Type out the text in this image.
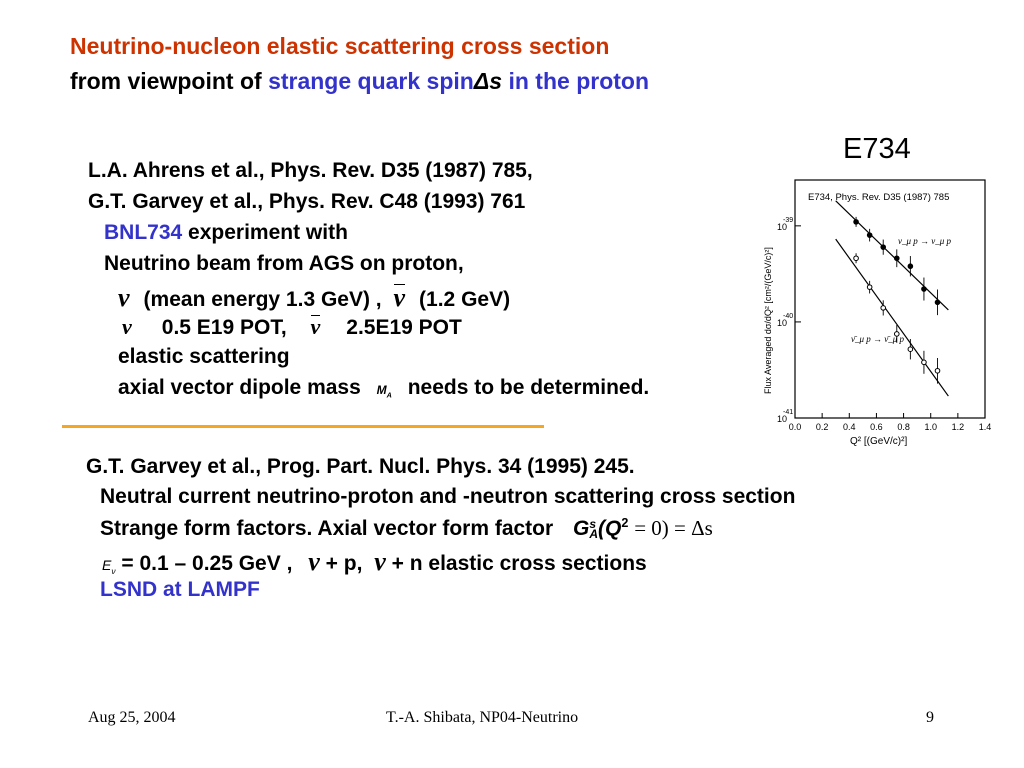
Neutrino-nucleon elastic scattering cross section
from viewpoint of strange quark spinΔs in the proton
E734
L.A. Ahrens et al., Phys. Rev. D35 (1987) 785,
G.T. Garvey et al., Phys. Rev. C48 (1993) 761
BNL734 experiment with
Neutrino beam from AGS on proton,
ν (mean energy 1.3 GeV) , ν (1.2 GeV)
ν 0.5 E19 POT, ν 2.5E19 POT
elastic scattering
axial vector dipole mass $M_A$ needs to be determined.
G.T. Garvey et al., Prog. Part. Nucl. Phys. 34 (1995) 245.
Neutral current neutrino-proton and -neutron scattering cross section
Strange form factors. Axial vector form factor G s
A $(Q^2 = 0) = \Delta s$
$E_\nu = 0.1 - 0.25$ GeV , ν + p, ν + n elastic cross sections
LSND at LAMPF
E734, Phys. Rev. D35 (1987) 785
Flux Averaged dσ/dQ² [cm²/(GeV/c)²]
Q² [(GeV/c)²]
0.0 0.2 0.4 0.6 0.8 1.0 1.2 1.4
10
-39
10
-40
10
-41
ν_μ p → ν_μ p
ν̄_μ p → ν̄_μ p
Aug 25, 2004	T.-A. Shibata, NP04-Neutrino	9
